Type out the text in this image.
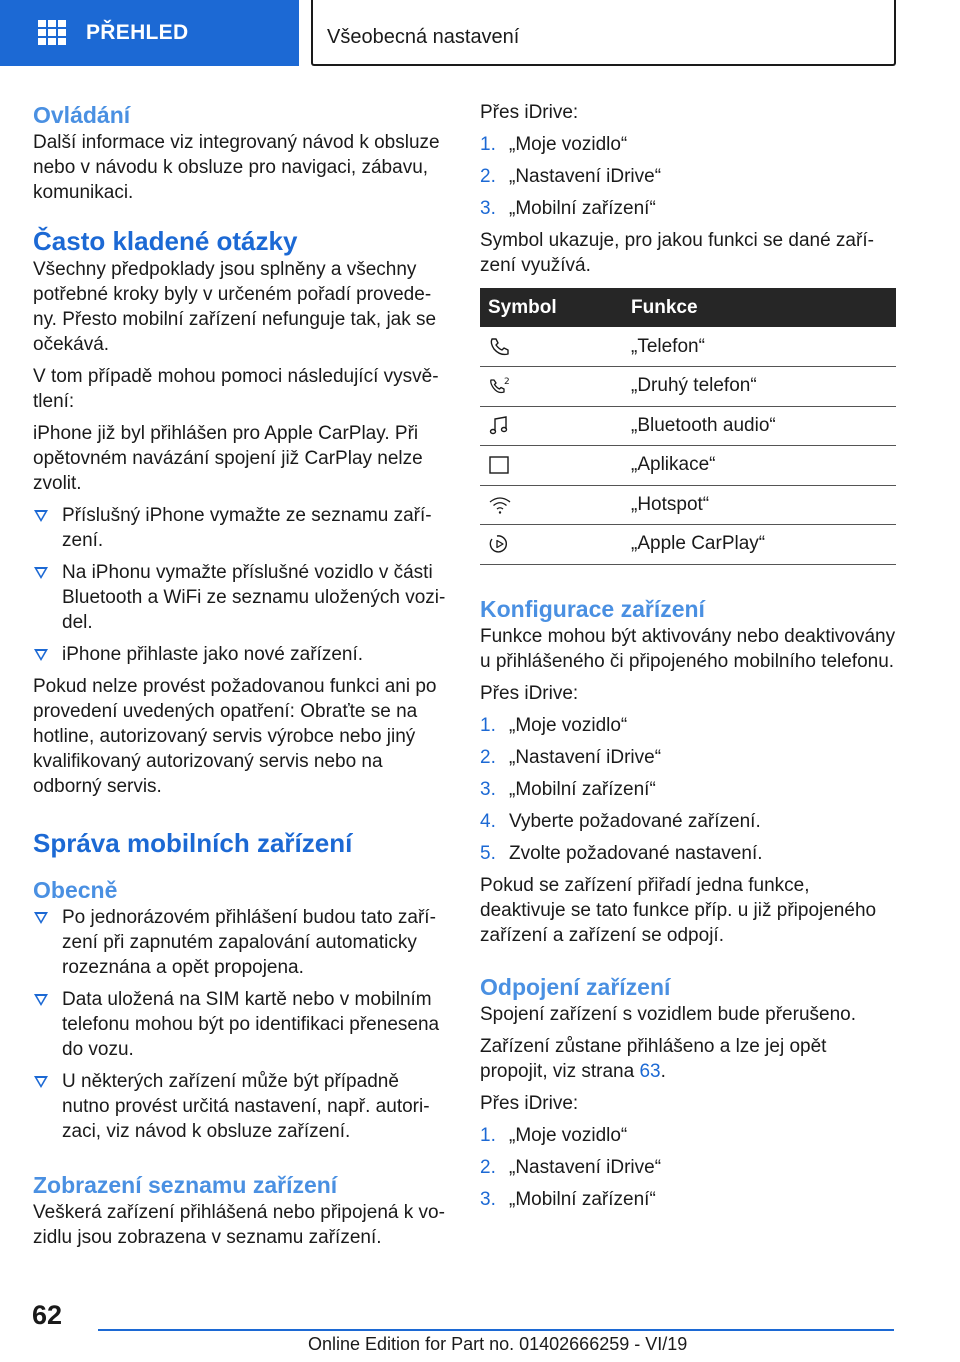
PŘEHLED	Všeobecná nastavení
Ovládání

Další informace viz integrovaný návod k obsluze nebo v návodu k obsluze pro navigaci, zábavu, komunikaci.

Často kladené otázky

Všechny předpoklady jsou splněny a všechny potřebné kroky byly v určeném pořadí provedeny. Přesto mobilní zařízení nefunguje tak, jak se očekává.

V tom případě mohou pomoci následující vysvětlení:

iPhone již byl přihlášen pro Apple CarPlay. Při opětovném navázání spojení již CarPlay nelze zvolit.

Příslušný iPhone vymažte ze seznamu zařízení.
Na iPhonu vymažte příslušné vozidlo v části Bluetooth a WiFi ze seznamu uložených vozidel.
iPhone přihlaste jako nové zařízení.

Pokud nelze provést požadovanou funkci ani po provedení uvedených opatření: Obraťte se na hotline, autorizovaný servis výrobce nebo jiný kvalifikovaný autorizovaný servis nebo na odborný servis.

Správa mobilních zařízení
Obecně
Po jednorázovém přihlášení budou tato zařízení při zapnutém zapalování automaticky rozeznána a opět propojena.
Data uložená na SIM kartě nebo v mobilním telefonu mohou být po identifikaci přenesena do vozu.
U některých zařízení může být případně nutno provést určitá nastavení, např. autorizaci, viz návod k obsluze zařízení.
Zobrazení seznamu zařízení

Veškerá zařízení přihlášená nebo připojená k vozidlu jsou zobrazena v seznamu zařízení.

Přes iDrive:

1. „Moje vozidlo“
2. „Nastavení iDrive“
3. „Mobilní zařízení“

Symbol ukazuje, pro jakou funkci se dané zařízení využívá.

Symbol	Funkce

	„Telefon“

2	„Druhý telefon“

	„Bluetooth audio“

	„Aplikace“

	„Hotspot“

	„Apple CarPlay“
Konfigurace zařízení

Funkce mohou být aktivovány nebo deaktivovány u přihlášeného či připojeného mobilního telefonu.

Přes iDrive:

1. „Moje vozidlo“
2. „Nastavení iDrive“
3. „Mobilní zařízení“
4. Vyberte požadované zařízení.
5. Zvolte požadované nastavení.

Pokud se zařízení přiřadí jedna funkce, deaktivuje se tato funkce příp. u již připojeného zařízení a zařízení se odpojí.

Odpojení zařízení

Spojení zařízení s vozidlem bude přerušeno.

Zařízení zůstane přihlášeno a lze jej opět propojit, viz strana 63.

Přes iDrive:

1. „Moje vozidlo“
2. „Nastavení iDrive“
3. „Mobilní zařízení“
62
Online Edition for Part no. 01402666259 - VI/19
